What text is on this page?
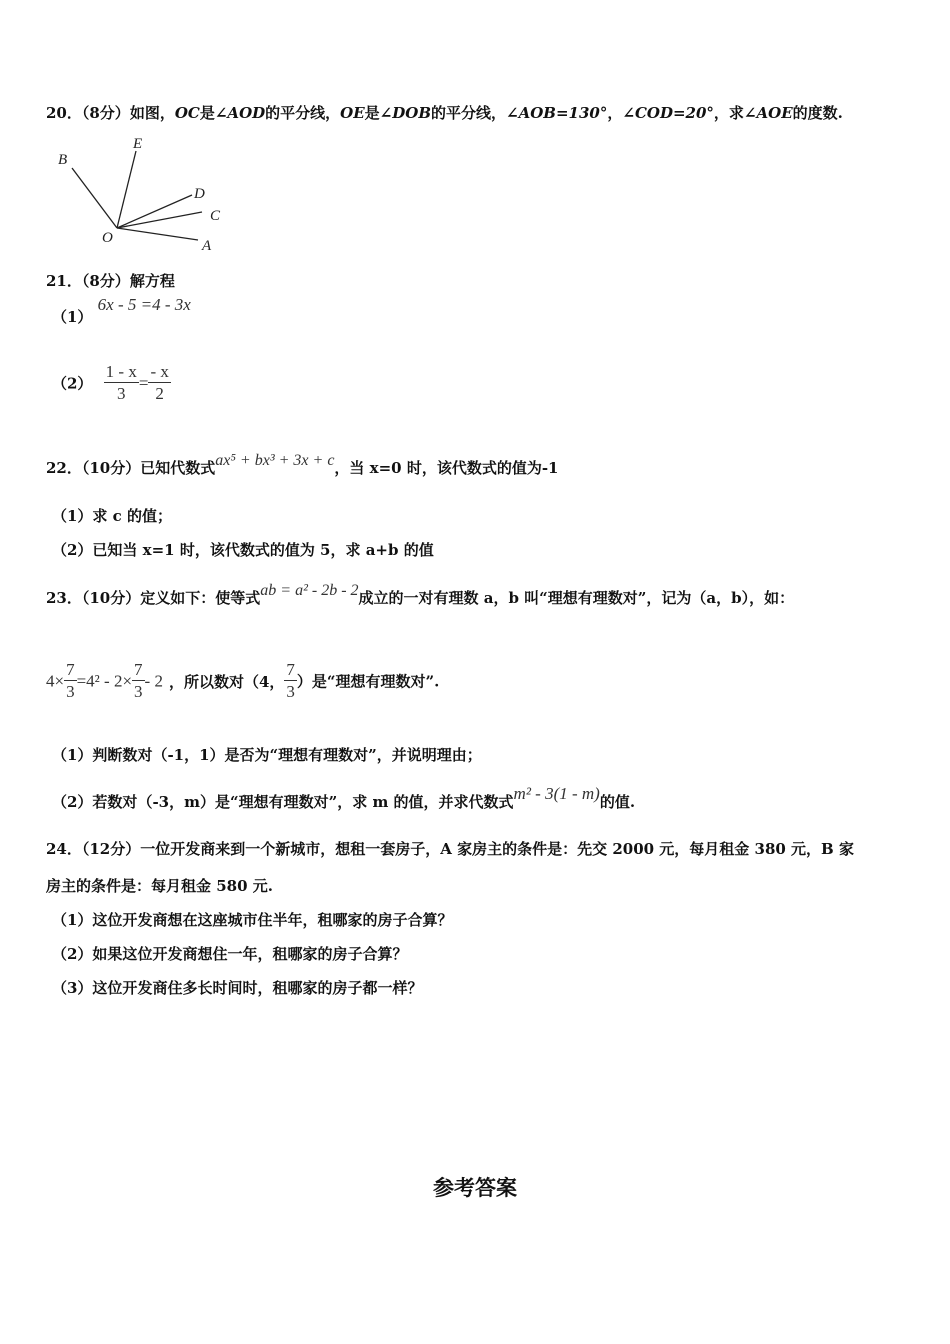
20．（8分）如图，OC是∠AOD的平分线，OE是∠DOB的平分线，∠AOB=130°，∠COD=20°，求∠AOE的度数.
B
E
D
C
A
O
21．（8分）解方程
（1） 6x - 5 =4 - 3x
$(2) \frac{1 - x}{3} = \frac{- x}{2}$
22．（10分）已知代数式ax⁵ + bx³ + 3x + c，当 x=0 时，该代数式的值为-1
（1）求 c 的值；
（2）已知当 x=1 时，该代数式的值为 5，求 a+b 的值
23．（10分）定义如下：使等式ab = a² - 2b - 2成立的一对有理数 a，b 叫“理想有理数对”，记为（a，b），如：
$4\times \frac{7}{3} =4^2 - 2\times \frac{7}{3} - 2$ ，所以数对（4， $\frac{7}{3}$ ）是“理想有理数对”.
（1）判断数对（-1，1）是否为“理想有理数对”，并说明理由；
（2）若数对（-3，m）是“理想有理数对”，求 m 的值，并求代数式m² - 3(1 - m)的值.
24．（12分）一位开发商来到一个新城市，想租一套房子，A 家房主的条件是：先交 2000 元，每月租金 380 元，B 家
房主的条件是：每月租金 580 元.
（1）这位开发商想在这座城市住半年，租哪家的房子合算？
（2）如果这位开发商想住一年，租哪家的房子合算？
（3）这位开发商住多长时间时，租哪家的房子都一样？
参考答案
